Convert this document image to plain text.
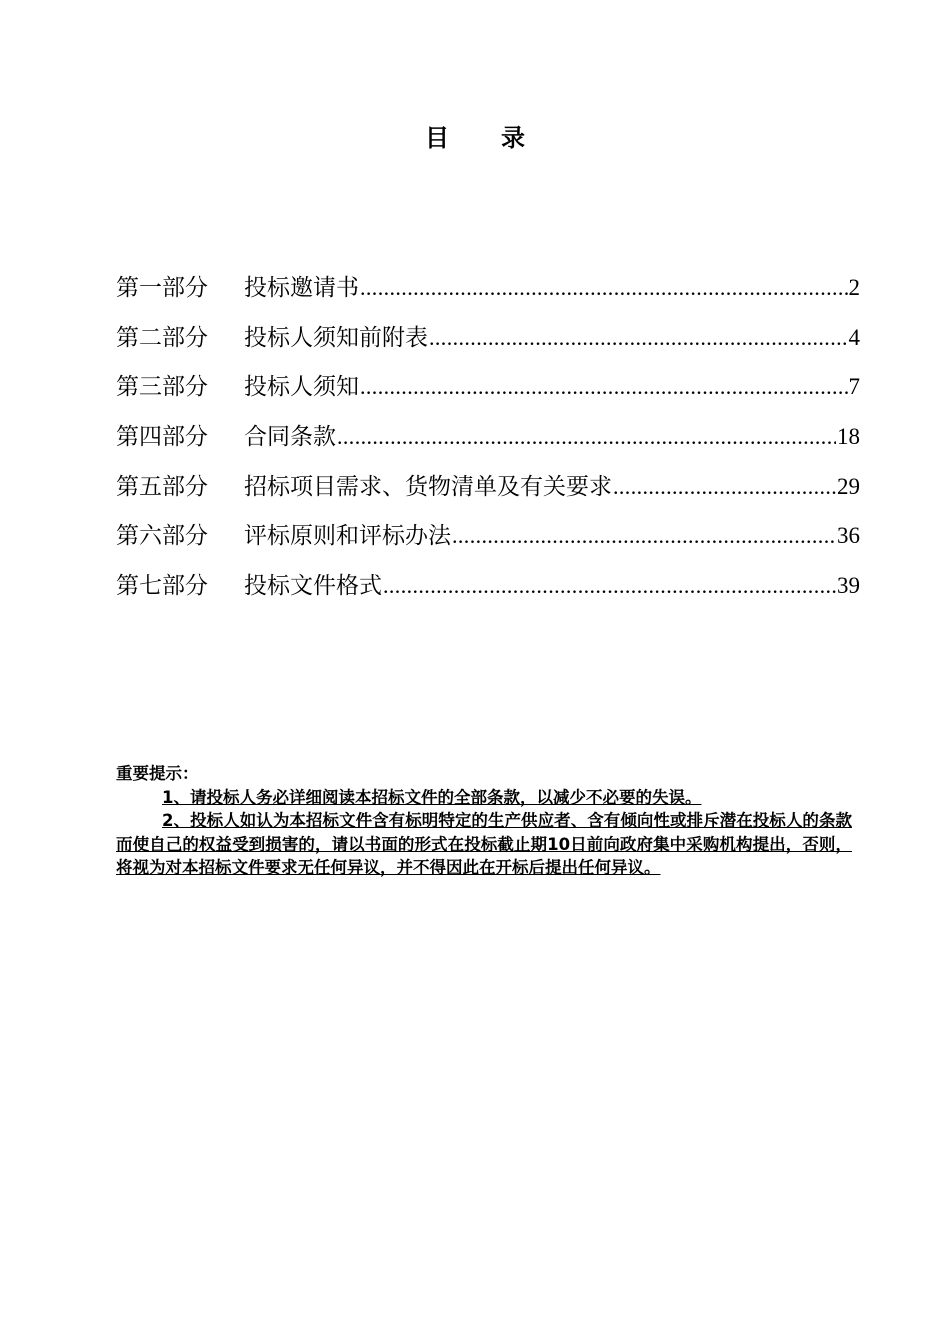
目 录
第一部分	投标邀请书 .....	2
第二部分	投标人须知前附表 .....	4
第三部分	投标人须知 .....	7
第四部分	合同条款 .....	18
第五部分	招标项目需求、货物清单及有关要求 .....	29
第六部分	评标原则和评标办法 .....	36
第七部分	投标文件格式 .....	39
重要提示：
1、请投标人务必详细阅读本招标文件的全部条款，以减少不必要的失误。
2、投标人如认为本招标文件含有标明特定的生产供应者、含有倾向性或排斥潜在投标人的条款而使自己的权益受到损害的，请以书面的形式在投标截止期10日前向政府集中采购机构提出，否则，将视为对本招标文件要求无任何异议，并不得因此在开标后提出任何异议。
